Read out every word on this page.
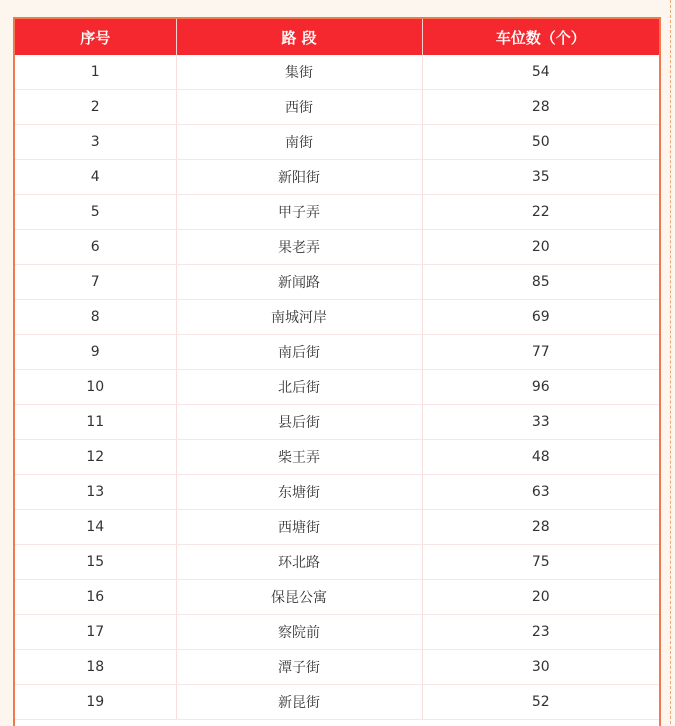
序号	路 段	车位数（个）
1	集街	54
2	西街	28
3	南街	50
4	新阳街	35
5	甲子弄	22
6	果老弄	20
7	新闻路	85
8	南城河岸	69
9	南后街	77
10	北后街	96
11	县后街	33
12	柴王弄	48
13	东塘街	63
14	西塘街	28
15	环北路	75
16	保昆公寓	20
17	察院前	23
18	潭子街	30
19	新昆街	52
